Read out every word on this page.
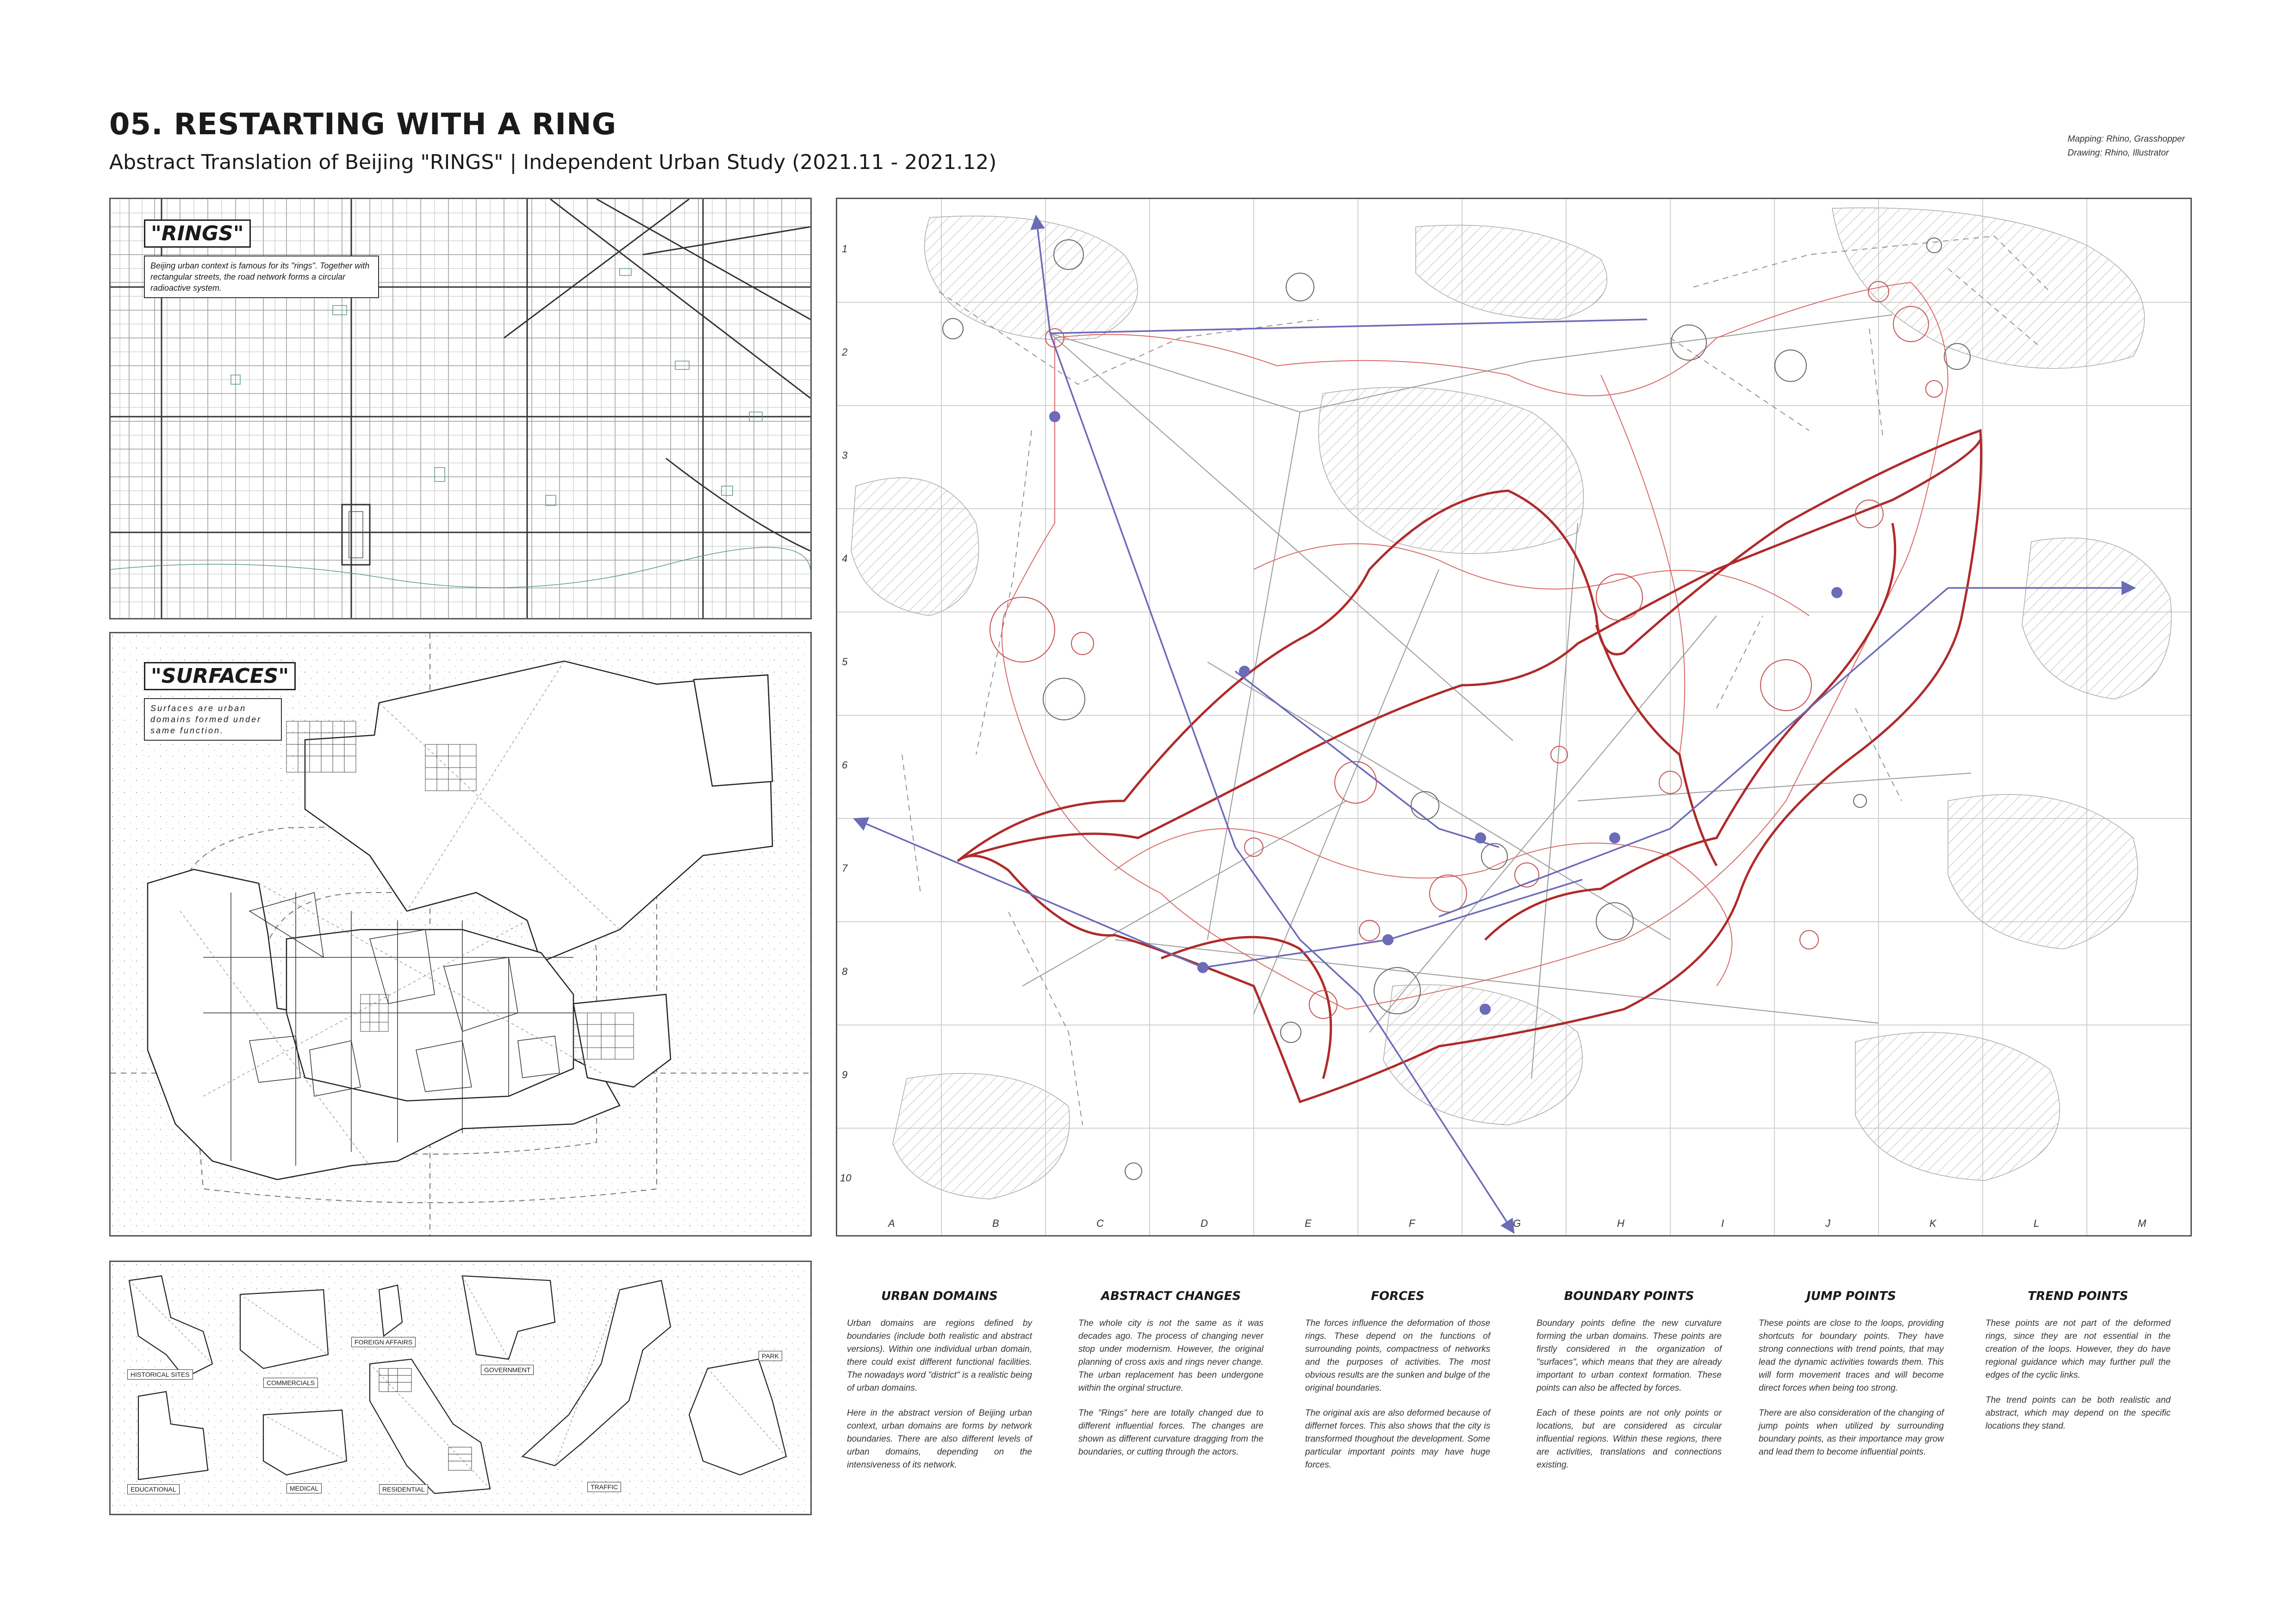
05. RESTARTING WITH A RING
Abstract Translation of Beijing "RINGS" | Independent Urban Study (2021.11 - 2021.12)
Mapping: Rhino, Grasshopper
Drawing: Rhino, Illustrator
"RINGS"
Beijing urban context is famous for its "rings". Together with rectangular streets, the road network forms a circular radioactive system.
"SURFACES"
Surfaces are urban domains formed under same function.
HISTORICAL SITES
COMMERCIALS
FOREIGN AFFAIRS
GOVERNMENT
PARK
EDUCATIONAL	MEDICAL	RESIDENTIAL	TRAFFIC
1
2
3
4
5
6
7
8
9
10
A	B	C	D	E	F	G	H	I	J	K	L	M
URBAN DOMAINS

Urban domains are regions defined by boundaries (include both realistic and abstract versions). Within one individual urban domain, there could exist different functional facilities. The nowadays word "district" is a realistic being of urban domains.

Here in the abstract version of Beijing urban context, urban domains are forms by network boundaries. There are also different levels of urban domains, depending on the intensiveness of its network.

ABSTRACT CHANGES

The whole city is not the same as it was decades ago. The process of changing never stop under modernism. However, the original planning of cross axis and rings never change. The urban replacement has been undergone within the orginal structure.

The "Rings" here are totally changed due to different influential forces. The changes are shown as different curvature dragging from the boundaries, or cutting through the actors.

FORCES

The forces influence the deformation of those rings. These depend on the functions of surrounding points, compactness of networks and the purposes of activities. The most obvious results are the sunken and bulge of the original boundaries.

The original axis are also deformed because of differnet forces. This also shows that the city is transformed thoughout the development. Some particular important points may have huge forces.

BOUNDARY POINTS

Boundary points define the new curvature forming the urban domains. These points are firstly considered in the organization of "surfaces", which means that they are already important to urban context formation. These points can also be affected by forces.

Each of these points are not only points or locations, but are considered as circular influential regions. Within these regions, there are activities, translations and connections existing.

JUMP POINTS

These points are close to the loops, providing shortcuts for boundary points. They have strong connections with trend points, that may lead the dynamic activities towards them. This will form movement traces and will become direct forces when being too strong.

There are also consideration of the changing of jump points when utilized by surrounding boundary points, as their importance may grow and lead them to become influential points.

TREND POINTS

These points are not part of the deformed rings, since they are not essential in the creation of the loops. However, they do have regional guidance which may further pull the edges of the cyclic links.

The trend points can be both realistic and abstract, which may depend on the specific locations they stand.
